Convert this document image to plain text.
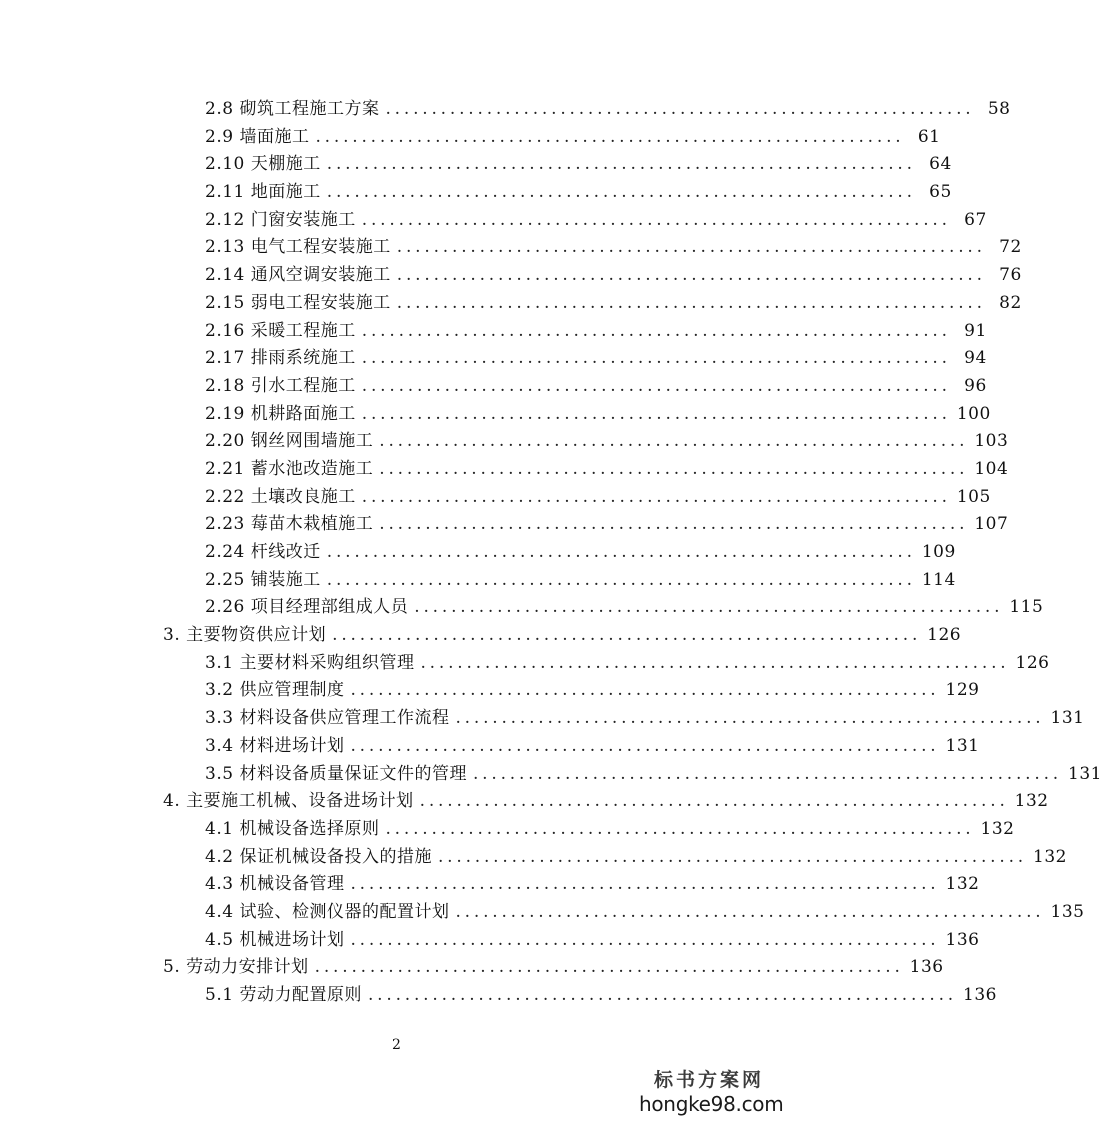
2.8 砌筑工程施工方案 ................................................................ 58
2.9 墙面施工 ................................................................ 61
2.10 天棚施工 ................................................................ 64
2.11 地面施工 ................................................................ 65
2.12 门窗安装施工 ................................................................ 67
2.13 电气工程安装施工 ................................................................ 72
2.14 通风空调安装施工 ................................................................ 76
2.15 弱电工程安装施工 ................................................................ 82
2.16 采暖工程施工 ................................................................ 91
2.17 排雨系统施工 ................................................................ 94
2.18 引水工程施工 ................................................................ 96
2.19 机耕路面施工 ................................................................ 100
2.20 钢丝网围墙施工 ................................................................ 103
2.21 蓄水池改造施工 ................................................................ 104
2.22 土壤改良施工 ................................................................ 105
2.23 莓苗木栽植施工 ................................................................ 107
2.24 杆线改迁 ................................................................ 109
2.25 铺装施工 ................................................................ 114
2.26 项目经理部组成人员 ................................................................ 115
3. 主要物资供应计划 ................................................................ 126
3.1 主要材料采购组织管理 ................................................................ 126
3.2 供应管理制度 ................................................................ 129
3.3 材料设备供应管理工作流程 ................................................................ 131
3.4 材料进场计划 ................................................................ 131
3.5 材料设备质量保证文件的管理 ................................................................ 131
4. 主要施工机械、设备进场计划 ................................................................ 132
4.1 机械设备选择原则 ................................................................ 132
4.2 保证机械设备投入的措施 ................................................................ 132
4.3 机械设备管理 ................................................................ 132
4.4 试验、检测仪器的配置计划 ................................................................ 135
4.5 机械进场计划 ................................................................ 136
5. 劳动力安排计划 ................................................................ 136
5.1 劳动力配置原则 ................................................................ 136
2
标书方案网
hongke98.com
